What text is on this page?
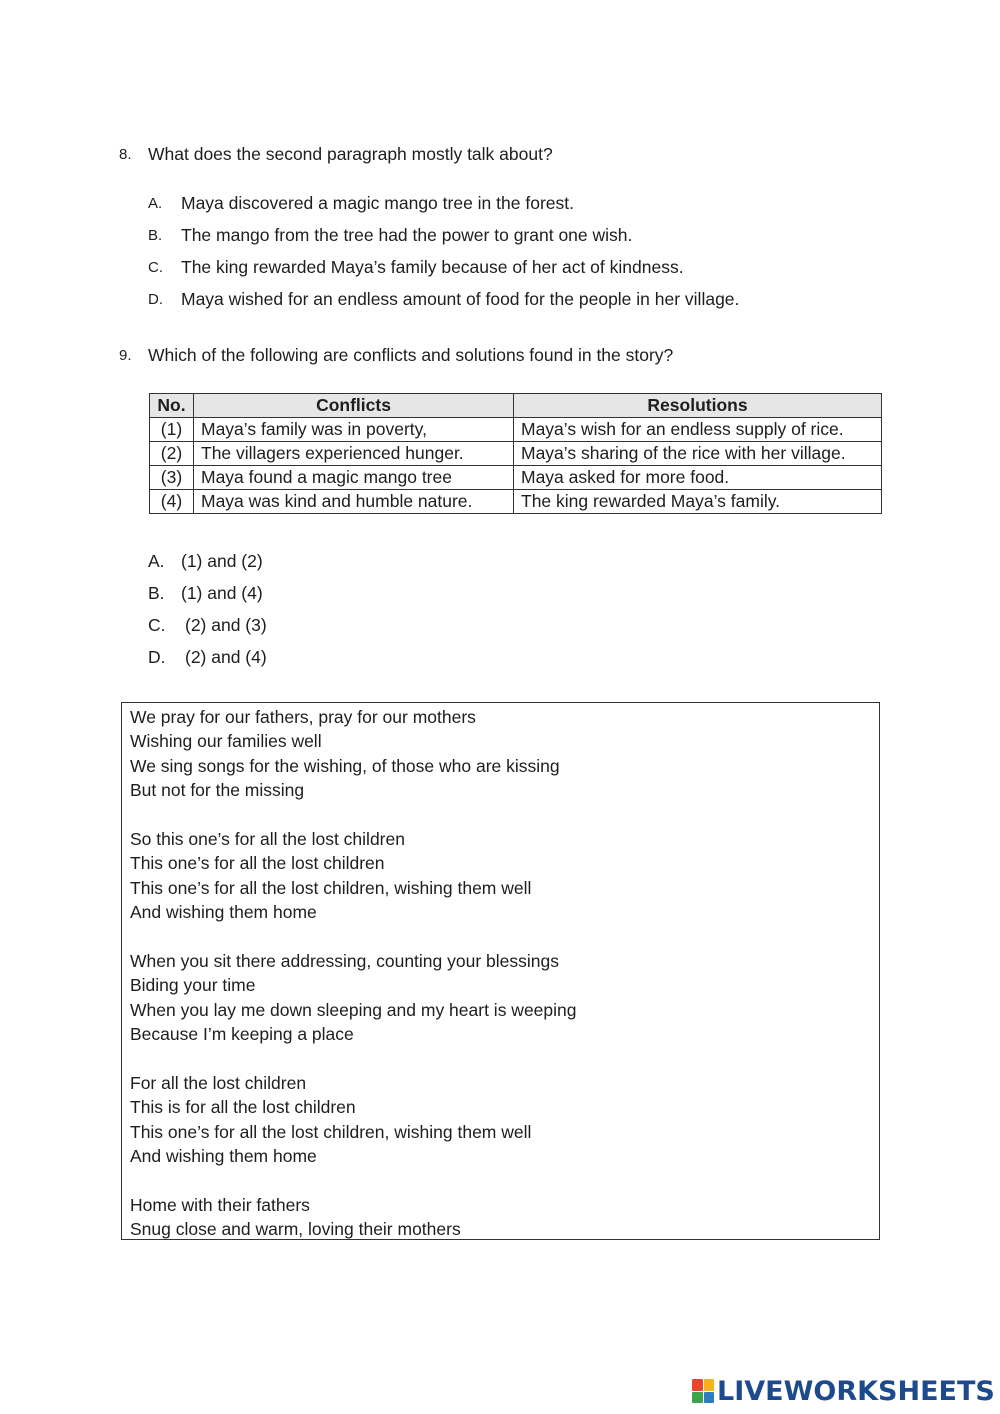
8. What does the second paragraph mostly talk about?
A. Maya discovered a magic mango tree in the forest.
B. The mango from the tree had the power to grant one wish.
C. The king rewarded Maya’s family because of her act of kindness.
D. Maya wished for an endless amount of food for the people in her village.
9. Which of the following are conflicts and solutions found in the story?
No.	Conflicts	Resolutions
(1)	Maya’s family was in poverty,	Maya’s wish for an endless supply of rice.
(2)	The villagers experienced hunger.	Maya’s sharing of the rice with her village.
(3)	Maya found a magic mango tree	Maya asked for more food.
(4)	Maya was kind and humble nature.	The king rewarded Maya’s family.
A. (1) and (2)
B. (1) and (4)
C. (2) and (3)
D. (2) and (4)
We pray for our fathers, pray for our mothers
Wishing our families well
We sing songs for the wishing, of those who are kissing
But not for the missing
So this one’s for all the lost children
This one’s for all the lost children
This one’s for all the lost children, wishing them well
And wishing them home
When you sit there addressing, counting your blessings
Biding your time
When you lay me down sleeping and my heart is weeping
Because I’m keeping a place
For all the lost children
This is for all the lost children
This one’s for all the lost children, wishing them well
And wishing them home
Home with their fathers
Snug close and warm, loving their mothers
LIVEWORKSHEETS
